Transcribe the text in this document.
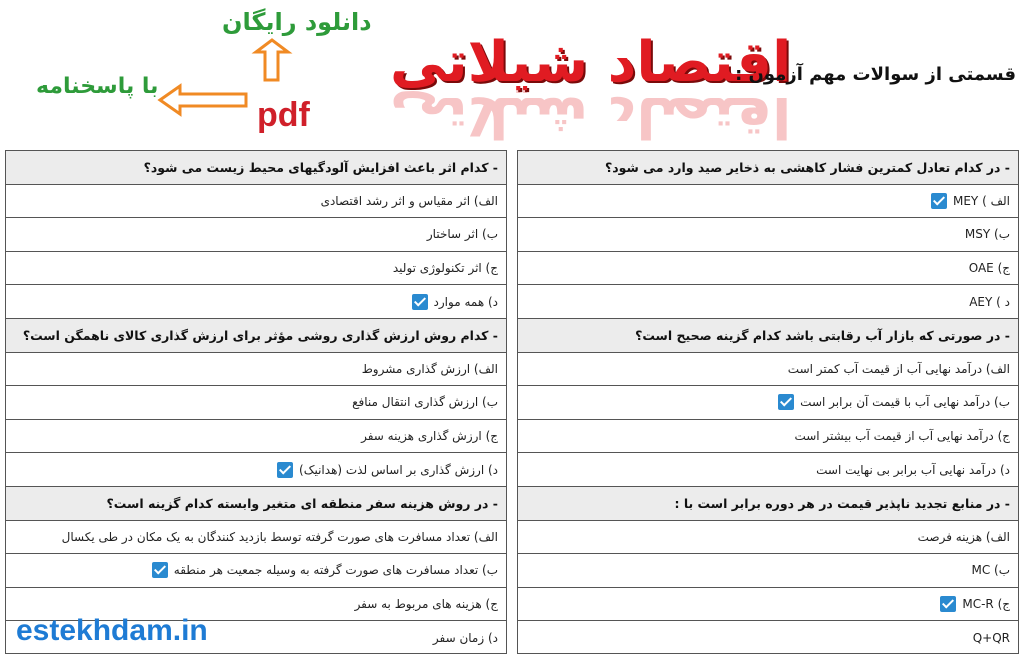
دانلود رایگان
با پاسخنامه
pdf اقتصاد شیلاتی
اقتصاد شیلاتی
قسمتی از سوالات مهم آزمون :
- در کدام تعادل کمترین فشار کاهشی به ذخایر صید وارد می شود؟
الف ) MEY
ب) MSY
ج) OAE
د ) AEY
- در صورتی که بازار آب رقابتی باشد کدام گزینه صحیح است؟
الف) درآمد نهایی آب از قیمت آب کمتر است
ب) درآمد نهایی آب با قیمت آن برابر است
ج) درآمد نهایی آب از قیمت آب بیشتر است
د) درآمد نهایی آب برابر بی نهایت است
- در منابع تجدید ناپذیر قیمت در هر دوره برابر است با :
الف) هزینه فرصت
ب) MC
ج) MC-R
Q+QR
- کدام اثر باعث افزایش آلودگیهای محیط زیست می شود؟
الف) اثر مقیاس و اثر رشد اقتصادی
ب) اثر ساختار
ج) اثر تکنولوژی تولید
د) همه موارد
- کدام روش ارزش گذاری روشی مؤثر برای ارزش گذاری کالای ناهمگن است؟
الف) ارزش گذاری مشروط
ب) ارزش گذاری انتقال منافع
ج) ارزش گذاری هزینه سفر
د) ارزش گذاری بر اساس لذت (هدانیک)
- در روش هزینه سفر منطقه ای متغیر وابسته کدام گزینه است؟
الف) تعداد مسافرت های صورت گرفته توسط بازدید کنندگان به یک مکان در طی یکسال
ب) تعداد مسافرت های صورت گرفته به وسیله جمعیت هر منطقه
ج) هزینه های مربوط به سفر
د) زمان سفر
estekhdam.in
